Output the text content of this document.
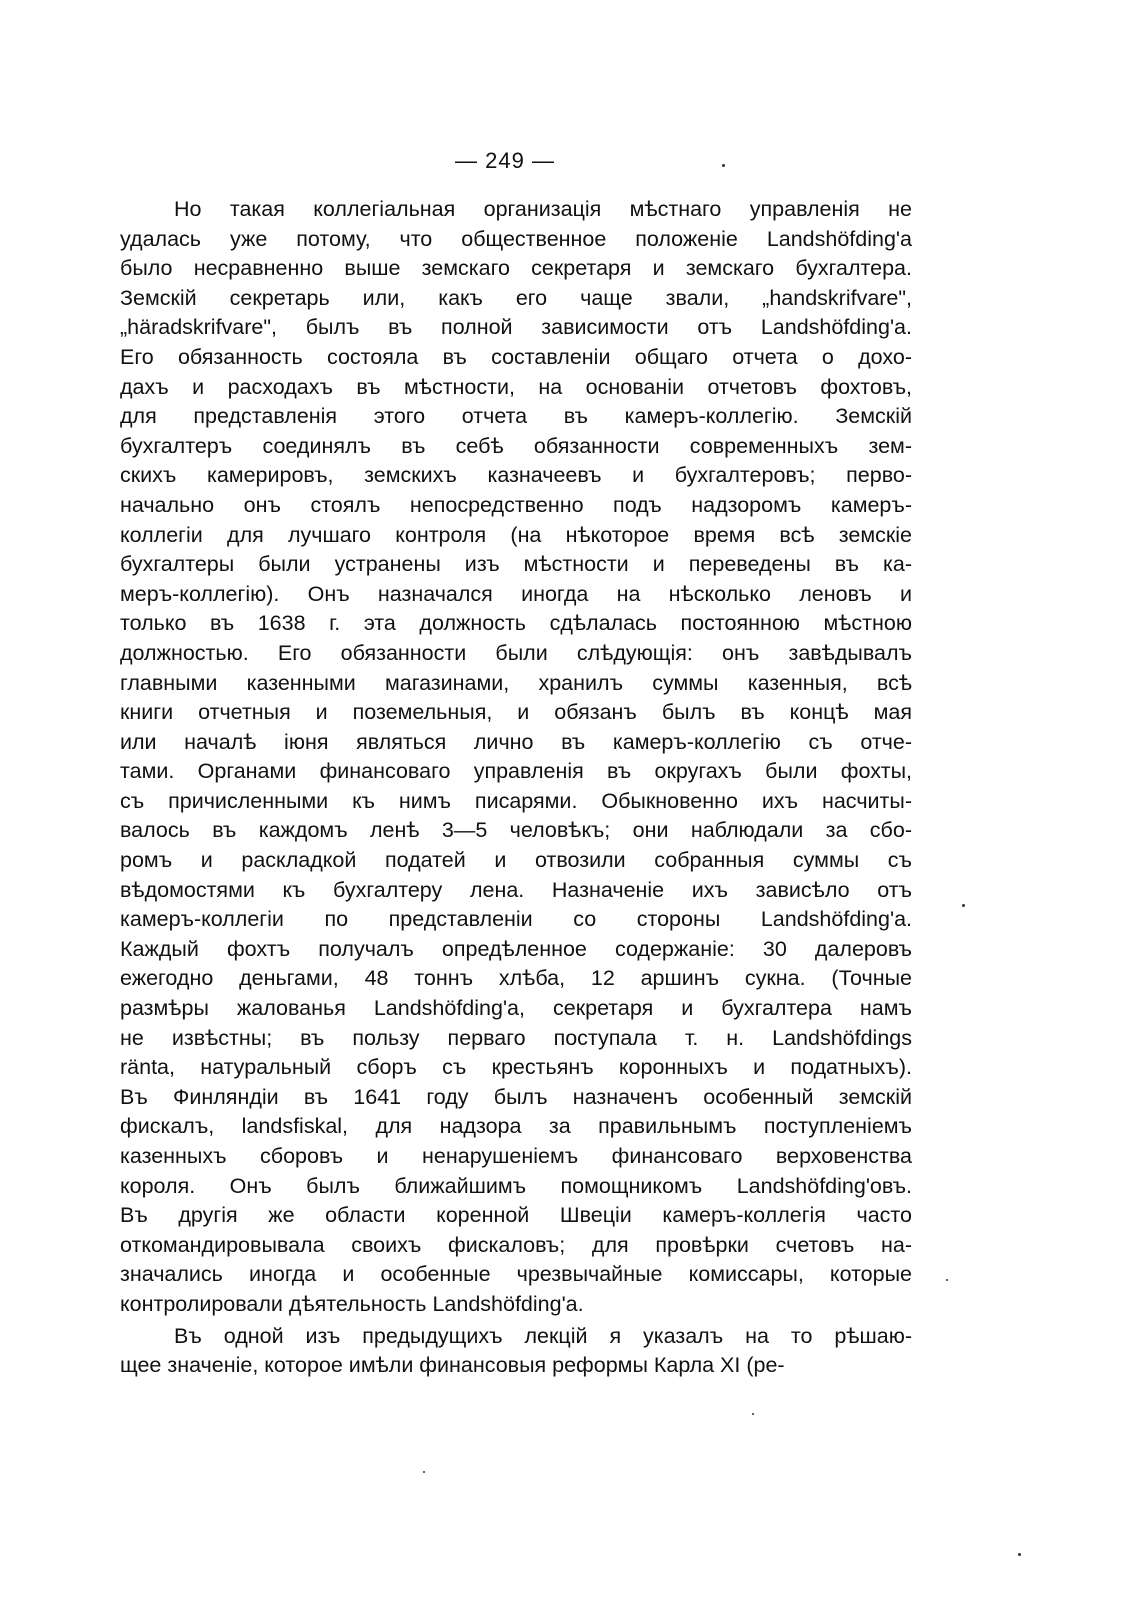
— 249 —
Но такая коллегіальная организація мѣстнаго управленія не
удалась уже потому, что общественное положеніе Landshöfding'a
было несравненно выше земскаго секретаря и земскаго бухгалтера.
Земскій секретарь или, какъ его чаще звали, „handskrifvare",
„häradskrifvare", былъ въ полной зависимости отъ Landshöfding'a.
Его обязанность состояла въ составленіи общаго отчета о дохо-
дахъ и расходахъ въ мѣстности, на основаніи отчетовъ фохтовъ,
для представленія этого отчета въ камеръ-коллегію. Земскій
бухгалтеръ соединялъ въ себѣ обязанности современныхъ зем-
скихъ камерировъ, земскихъ казначеевъ и бухгалтеровъ; перво-
начально онъ стоялъ непосредственно подъ надзоромъ камеръ-
коллегіи для лучшаго контроля (на нѣкоторое время всѣ земскіе
бухгалтеры были устранены изъ мѣстности и переведены въ ка-
меръ-коллегію). Онъ назначался иногда на нѣсколько леновъ и
только въ 1638 г. эта должность сдѣлалась постоянною мѣстною
должностью. Его обязанности были слѣдующія: онъ завѣдывалъ
главными казенными магазинами, хранилъ суммы казенныя, всѣ
книги отчетныя и поземельныя, и обязанъ былъ въ концѣ мая
или началѣ іюня являться лично въ камеръ-коллегію съ отче-
тами. Органами финансоваго управленія въ округахъ были фохты,
съ причисленными къ нимъ писарями. Обыкновенно ихъ насчиты-
валось въ каждомъ ленѣ 3—5 человѣкъ; они наблюдали за сбо-
ромъ и раскладкой податей и отвозили собранныя суммы съ
вѣдомостями къ бухгалтеру лена. Назначеніе ихъ зависѣло отъ
камеръ-коллегіи по представленіи со стороны Landshöfding'a.
Каждый фохтъ получалъ опредѣленное содержаніе: 30 далеровъ
ежегодно деньгами, 48 тоннъ хлѣба, 12 аршинъ сукна. (Точные
размѣры жалованья Landshöfding'a, секретаря и бухгалтера намъ
не извѣстны; въ пользу перваго поступала т. н. Landshöfdings
ränta, натуральный сборъ съ крестьянъ коронныхъ и податныхъ).
Въ Финляндіи въ 1641 году былъ назначенъ особенный земскій
фискалъ, landsfiskal, для надзора за правильнымъ поступленіемъ
казенныхъ сборовъ и ненарушеніемъ финансоваго верховенства
короля. Онъ былъ ближайшимъ помощникомъ Landshöfding'овъ.
Въ другія же области коренной Швеціи камеръ-коллегія часто
откомандировывала своихъ фискаловъ; для провѣрки счетовъ на-
значались иногда и особенные чрезвычайные комиссары, которые
контролировали дѣятельность Landshöfding'a.
Въ одной изъ предыдущихъ лекцій я указалъ на то рѣшаю-
щее значеніе, которое имѣли финансовыя реформы Карла XI (ре-
